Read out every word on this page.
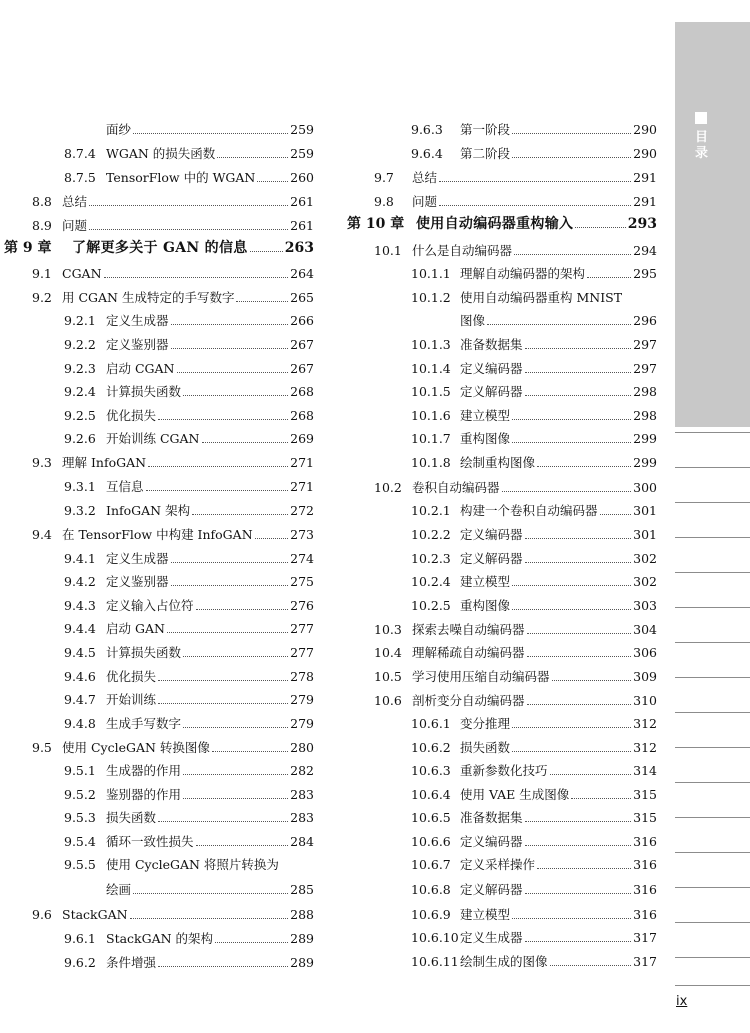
面纱	259
8.7.4 WGAN 的损失函数	259
8.7.5 TensorFlow 中的 WGAN	260
8.8 总结	261
8.9 问题	261
第 9 章	了解更多关于 GAN 的信息	263
9.1 CGAN	264
9.2 用 CGAN 生成特定的手写数字	265
9.2.1 定义生成器	266
9.2.2 定义鉴别器	267
9.2.3 启动 CGAN	267
9.2.4 计算损失函数	268
9.2.5 优化损失	268
9.2.6 开始训练 CGAN	269
9.3 理解 InfoGAN	271
9.3.1 互信息	271
9.3.2 InfoGAN 架构	272
9.4 在 TensorFlow 中构建 InfoGAN	273
9.4.1 定义生成器	274
9.4.2 定义鉴别器	275
9.4.3 定义输入占位符	276
9.4.4 启动 GAN	277
9.4.5 计算损失函数	277
9.4.6 优化损失	278
9.4.7 开始训练	279
9.4.8 生成手写数字	279
9.5 使用 CycleGAN 转换图像	280
9.5.1 生成器的作用	282
9.5.2 鉴别器的作用	283
9.5.3 损失函数	283
9.5.4 循环一致性损失	284
9.5.5 使用 CycleGAN 将照片转换为
绘画	285
9.6 StackGAN	288
9.6.1 StackGAN 的架构	289
9.6.2 条件增强	289
9.6.3	第一阶段	290
9.6.4	第二阶段	290
9.7	总结	291
9.8	问题	291
第 10 章 使用自动编码器重构输入	293
10.1 什么是自动编码器	294
10.1.1 理解自动编码器的架构	295
10.1.2 使用自动编码器重构 MNIST
图像	296
10.1.3 准备数据集	297
10.1.4 定义编码器	297
10.1.5 定义解码器	298
10.1.6 建立模型	298
10.1.7 重构图像	299
10.1.8 绘制重构图像	299
10.2 卷积自动编码器	300
10.2.1 构建一个卷积自动编码器	301
10.2.2 定义编码器	301
10.2.3 定义解码器	302
10.2.4 建立模型	302
10.2.5 重构图像	303
10.3 探索去噪自动编码器	304
10.4 理解稀疏自动编码器	306
10.5 学习使用压缩自动编码器	309
10.6 剖析变分自动编码器	310
10.6.1 变分推理	312
10.6.2 损失函数	312
10.6.3 重新参数化技巧	314
10.6.4 使用 VAE 生成图像	315
10.6.5 准备数据集	315
10.6.6 定义编码器	316
10.6.7 定义采样操作	316
10.6.8 定义解码器	316
10.6.9 建立模型	316
10.6.10 定义生成器	317
10.6.11 绘制生成的图像	317
目录
ix
